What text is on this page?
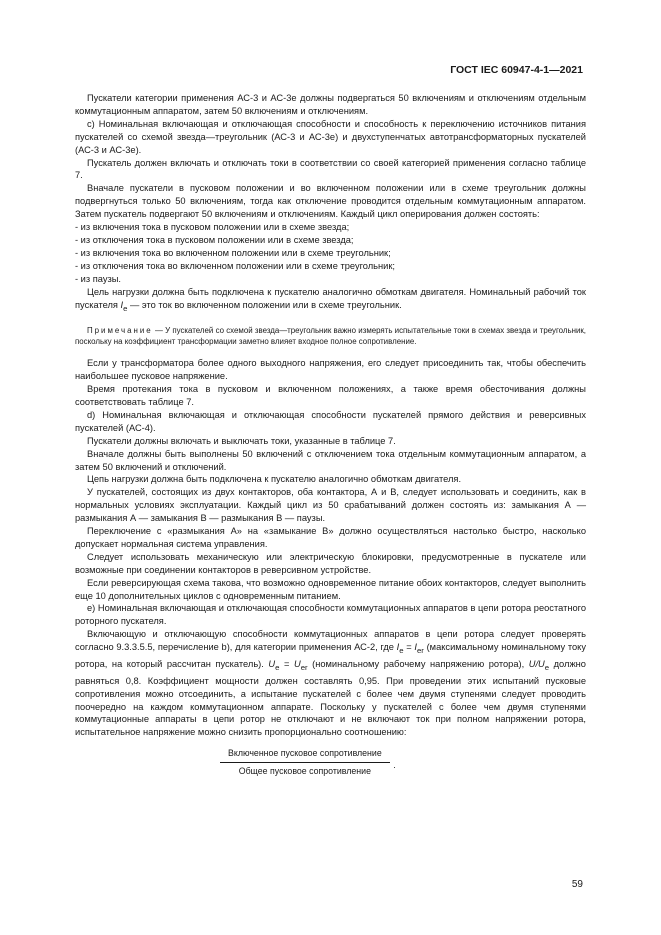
ГОСТ IEC 60947-4-1—2021

Пускатели категории применения АС-3 и АС-3е должны подвергаться 50 включениям и отключениям отдельным коммутационным аппаратом, затем 50 включениям и отключениям.

c) Номинальная включающая и отключающая способности и способность к переключению источников питания пускателей со схемой звезда—треугольник (АС-3 и АС-3е) и двухступенчатых автотрансформаторных пускателей (АС-3 и АС-3е).

Пускатель должен включать и отключать токи в соответствии со своей категорией применения согласно таблице 7.

Вначале пускатели в пусковом положении и во включенном положении или в схеме треугольник должны подвергнуться только 50 включениям, тогда как отключение проводится отдельным коммутационным аппаратом. Затем пускатель подвергают 50 включениям и отключениям. Каждый цикл оперирования должен состоять:

- из включения тока в пусковом положении или в схеме звезда;

- из отключения тока в пусковом положении или в схеме звезда;

- из включения тока во включенном положении или в схеме треугольник;

- из отключения тока во включенном положении или в схеме треугольник;

- из паузы.

Цель нагрузки должна быть подключена к пускателю аналогично обмоткам двигателя. Номинальный рабочий ток пускателя $I_e$ — это ток во включенном положении или в схеме треугольник.

Примечание — У пускателей со схемой звезда—треугольник важно измерять испытательные токи в схемах звезда и треугольник, поскольку на коэффициент трансформации заметно влияет входное полное сопротивление.

Если у трансформатора более одного выходного напряжения, его следует присоединить так, чтобы обеспечить наибольшее пусковое напряжение.

Время протекания тока в пусковом и включенном положениях, а также время обесточивания должны соответствовать таблице 7.

d) Номинальная включающая и отключающая способности пускателей прямого действия и реверсивных пускателей (АС-4).

Пускатели должны включать и выключать токи, указанные в таблице 7.

Вначале должны быть выполнены 50 включений с отключением тока отдельным коммутационным аппаратом, а затем 50 включений и отключений.

Цепь нагрузки должна быть подключена к пускателю аналогично обмоткам двигателя.

У пускателей, состоящих из двух контакторов, оба контактора, А и В, следует использовать и соединить, как в нормальных условиях эксплуатации. Каждый цикл из 50 срабатываний должен состоять из: замыкания А — размыкания А — замыкания В — размыкания В — паузы.

Переключение с «размыкания А» на «замыкание В» должно осуществляться настолько быстро, насколько допускает нормальная система управления.

Следует использовать механическую или электрическую блокировки, предусмотренные в пускателе или возможные при соединении контакторов в реверсивном устройстве.

Если реверсирующая схема такова, что возможно одновременное питание обоих контакторов, следует выполнить еще 10 дополнительных циклов с одновременным питанием.

e) Номинальная включающая и отключающая способности коммутационных аппаратов в цепи ротора реостатного роторного пускателя.

Включающую и отключающую способности коммутационных аппаратов в цепи ротора следует проверять согласно 9.3.3.5.5, перечисление b), для категории применения АС-2, где $I_e = I_{er}$ (максимальному номинальному току ротора, на который рассчитан пускатель). $U_e = U_{er}$ (номинальному рабочему напряжению ротора), $U/U_e$ должно равняться 0,8. Коэффициент мощности должен составлять 0,95. При проведении этих испытаний пусковые сопротивления можно отсоединить, а испытание пускателей с более чем двумя ступенями следует проводить поочередно на каждом коммутационном аппарате. Поскольку у пускателей с более чем двумя ступенями коммутационные аппараты в цепи ротор не отключают и не включают ток при полном напряжении ротора, испытательное напряжение можно снизить пропорционально соотношению:

Включенное пусковое сопротивление
Общее пусковое сопротивление
.
59
